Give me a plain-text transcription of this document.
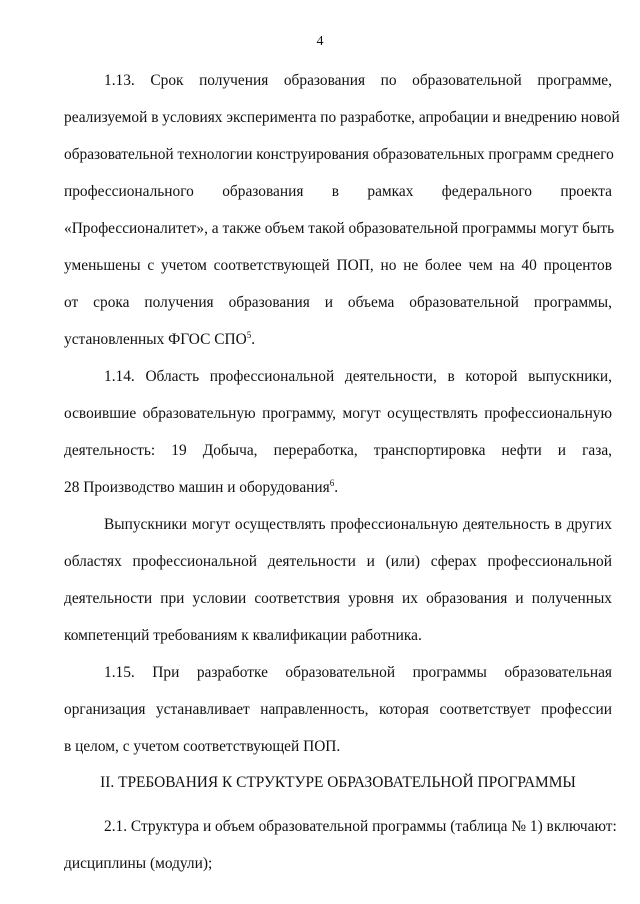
4
1.13. Срок получения образования по образовательной программе,
реализуемой в условиях эксперимента по разработке, апробации и внедрению новой
образовательной технологии конструирования образовательных программ среднего
профессионального образования в рамках федерального проекта
«Профессионалитет», а также объем такой образовательной программы могут быть
уменьшены с учетом соответствующей ПОП, но не более чем на 40 процентов
от срока получения образования и объема образовательной программы,
установленных ФГОС СПО$^5$.
1.14. Область профессиональной деятельности, в которой выпускники,
освоившие образовательную программу, могут осуществлять профессиональную
деятельность: 19 Добыча, переработка, транспортировка нефти и газа,
28 Производство машин и оборудования$^6$.
Выпускники могут осуществлять профессиональную деятельность в других
областях профессиональной деятельности и (или) сферах профессиональной
деятельности при условии соответствия уровня их образования и полученных
компетенций требованиям к квалификации работника.
1.15. При разработке образовательной программы образовательная
организация устанавливает направленность, которая соответствует профессии
в целом, с учетом соответствующей ПОП.
II. ТРЕБОВАНИЯ К СТРУКТУРЕ ОБРАЗОВАТЕЛЬНОЙ ПРОГРАММЫ
2.1. Структура и объем образовательной программы (таблица № 1) включают:
дисциплины (модули);
